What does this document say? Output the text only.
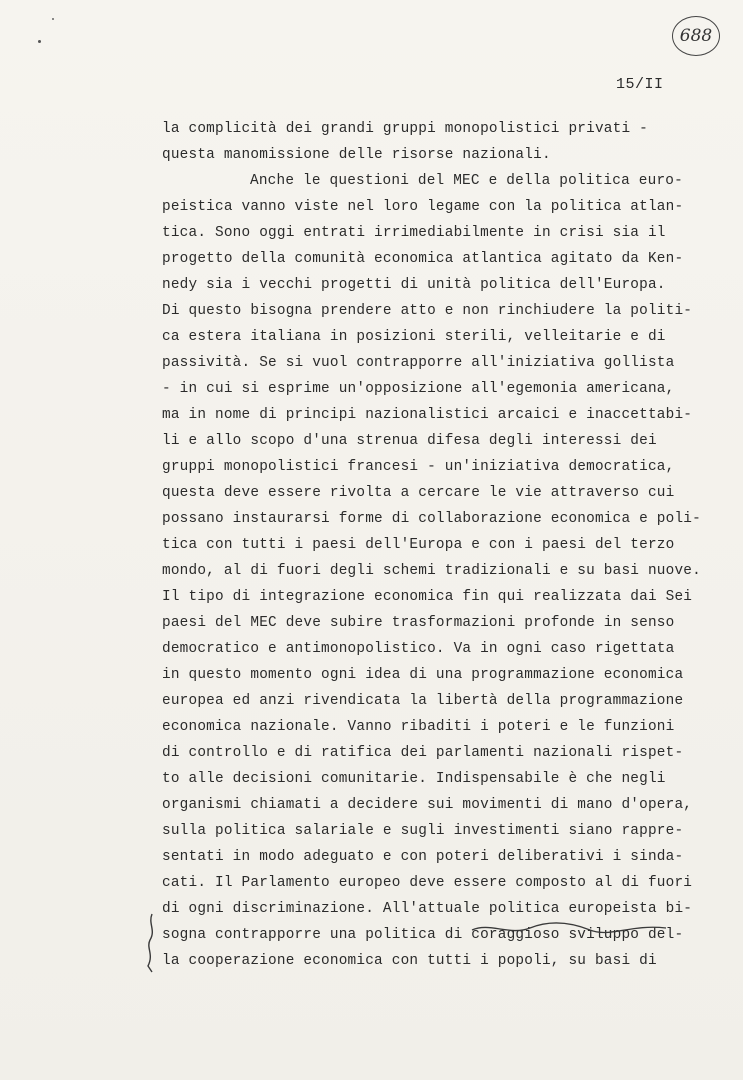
688
15/II
la complicità dei grandi gruppi monopolistici privati -
questa manomissione delle risorse nazionali.
Anche le questioni del MEC e della politica euro-
peistica vanno viste nel loro legame con la politica atlan-
tica. Sono oggi entrati irrimediabilmente in crisi sia il
progetto della comunità economica atlantica agitato da Ken-
nedy sia i vecchi progetti di unità politica dell'Europa.
Di questo bisogna prendere atto e non rinchiudere la politi-
ca estera italiana in posizioni sterili, velleitarie e di
passività. Se si vuol contrapporre all'iniziativa gollista
- in cui si esprime un'opposizione all'egemonia americana,
ma in nome di principi nazionalistici arcaici e inaccettabi-
li e allo scopo d'una strenua difesa degli interessi dei
gruppi monopolistici francesi - un'iniziativa democratica,
questa deve essere rivolta a cercare le vie attraverso cui
possano instaurarsi forme di collaborazione economica e poli-
tica con tutti i paesi dell'Europa e con i paesi del terzo
mondo, al di fuori degli schemi tradizionali e su basi nuove.
Il tipo di integrazione economica fin qui realizzata dai Sei
paesi del MEC deve subire trasformazioni profonde in senso
democratico e antimonopolistico. Va in ogni caso rigettata
in questo momento ogni idea di una programmazione economica
europea ed anzi rivendicata la libertà della programmazione
economica nazionale. Vanno ribaditi i poteri e le funzioni
di controllo e di ratifica dei parlamenti nazionali rispet-
to alle decisioni comunitarie. Indispensabile è che negli
organismi chiamati a decidere sui movimenti di mano d'opera,
sulla politica salariale e sugli investimenti siano rappre-
sentati in modo adeguato e con poteri deliberativi i sinda-
cati. Il Parlamento europeo deve essere composto al di fuori
di ogni discriminazione. All'attuale politica europeista bi-
sogna contrapporre una politica di coraggioso sviluppo del-
la cooperazione economica con tutti i popoli, su basi di
